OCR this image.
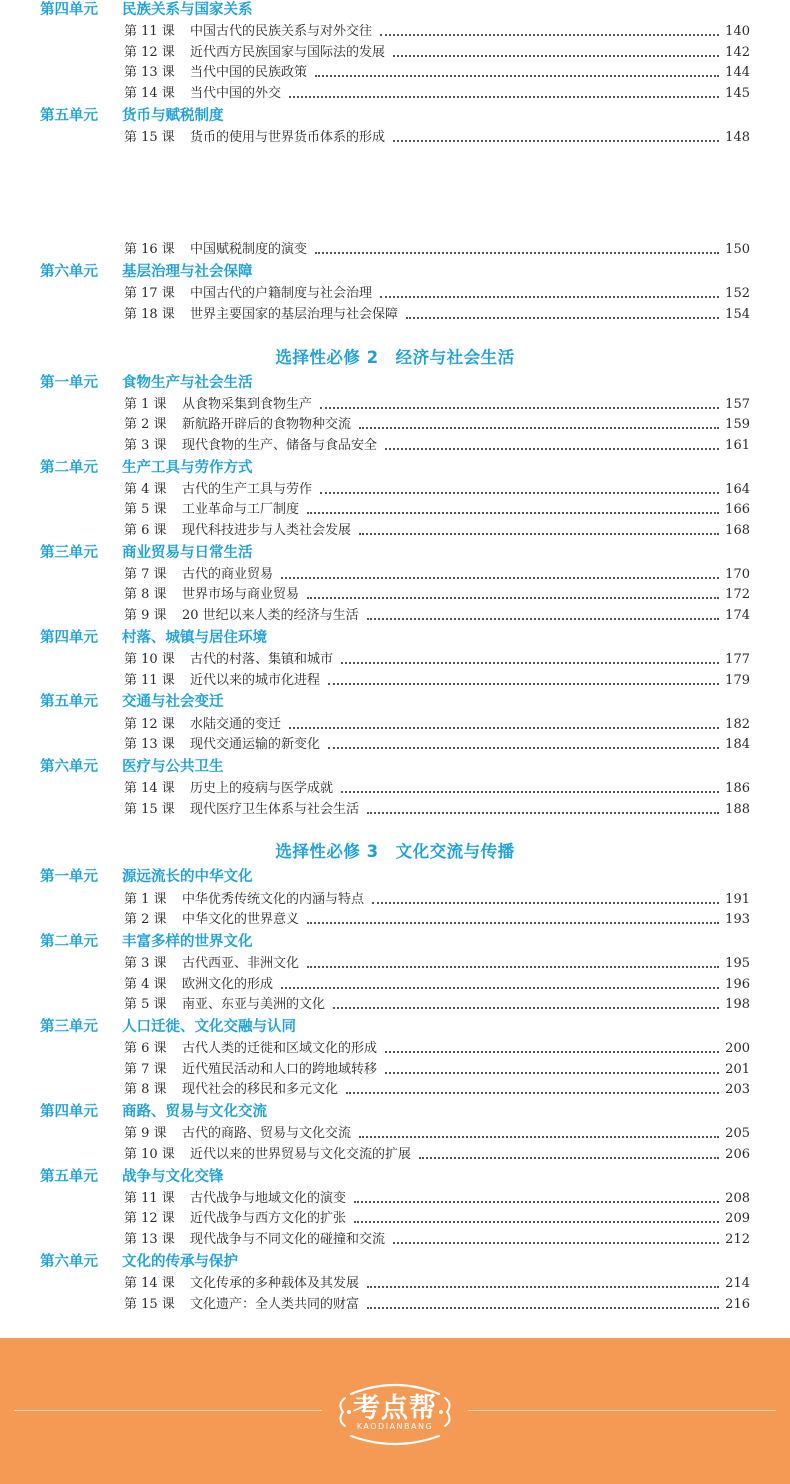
第四单元 民族关系与国家关系
第 11 课	中国古代的民族关系与对外交往	140
第 12 课	近代西方民族国家与国际法的发展	142
第 13 课	当代中国的民族政策	144
第 14 课	当代中国的外交	145
第五单元 货币与赋税制度
第 15 课	货币的使用与世界货币体系的形成	148
第 16 课	中国赋税制度的演变	150
第六单元 基层治理与社会保障
第 17 课	中国古代的户籍制度与社会治理	152
第 18 课	世界主要国家的基层治理与社会保障	154
选择性必修 2　经济与社会生活
第一单元 食物生产与社会生活
第 1 课	从食物采集到食物生产	157
第 2 课	新航路开辟后的食物物种交流	159
第 3 课	现代食物的生产、储备与食品安全	161
第二单元 生产工具与劳作方式
第 4 课	古代的生产工具与劳作	164
第 5 课	工业革命与工厂制度	166
第 6 课	现代科技进步与人类社会发展	168
第三单元 商业贸易与日常生活
第 7 课	古代的商业贸易	170
第 8 课	世界市场与商业贸易	172
第 9 课	20 世纪以来人类的经济与生活	174
第四单元 村落、城镇与居住环境
第 10 课	古代的村落、集镇和城市	177
第 11 课	近代以来的城市化进程	179
第五单元 交通与社会变迁
第 12 课	水陆交通的变迁	182
第 13 课	现代交通运输的新变化	184
第六单元 医疗与公共卫生
第 14 课	历史上的疫病与医学成就	186
第 15 课	现代医疗卫生体系与社会生活	188
选择性必修 3　文化交流与传播
第一单元 源远流长的中华文化
第 1 课	中华优秀传统文化的内涵与特点	191
第 2 课	中华文化的世界意义	193
第二单元 丰富多样的世界文化
第 3 课	古代西亚、非洲文化	195
第 4 课	欧洲文化的形成	196
第 5 课	南亚、东亚与美洲的文化	198
第三单元 人口迁徙、文化交融与认同
第 6 课	古代人类的迁徙和区域文化的形成	200
第 7 课	近代殖民活动和人口的跨地域转移	201
第 8 课	现代社会的移民和多元文化	203
第四单元 商路、贸易与文化交流
第 9 课	古代的商路、贸易与文化交流	205
第 10 课	近代以来的世界贸易与文化交流的扩展	206
第五单元 战争与文化交锋
第 11 课	古代战争与地域文化的演变	208
第 12 课	近代战争与西方文化的扩张	209
第 13 课	现代战争与不同文化的碰撞和交流	212
第六单元 文化的传承与保护
第 14 课	文化传承的多种载体及其发展	214
第 15 课	文化遗产：全人类共同的财富	216
考点帮
KAODIANBANG
